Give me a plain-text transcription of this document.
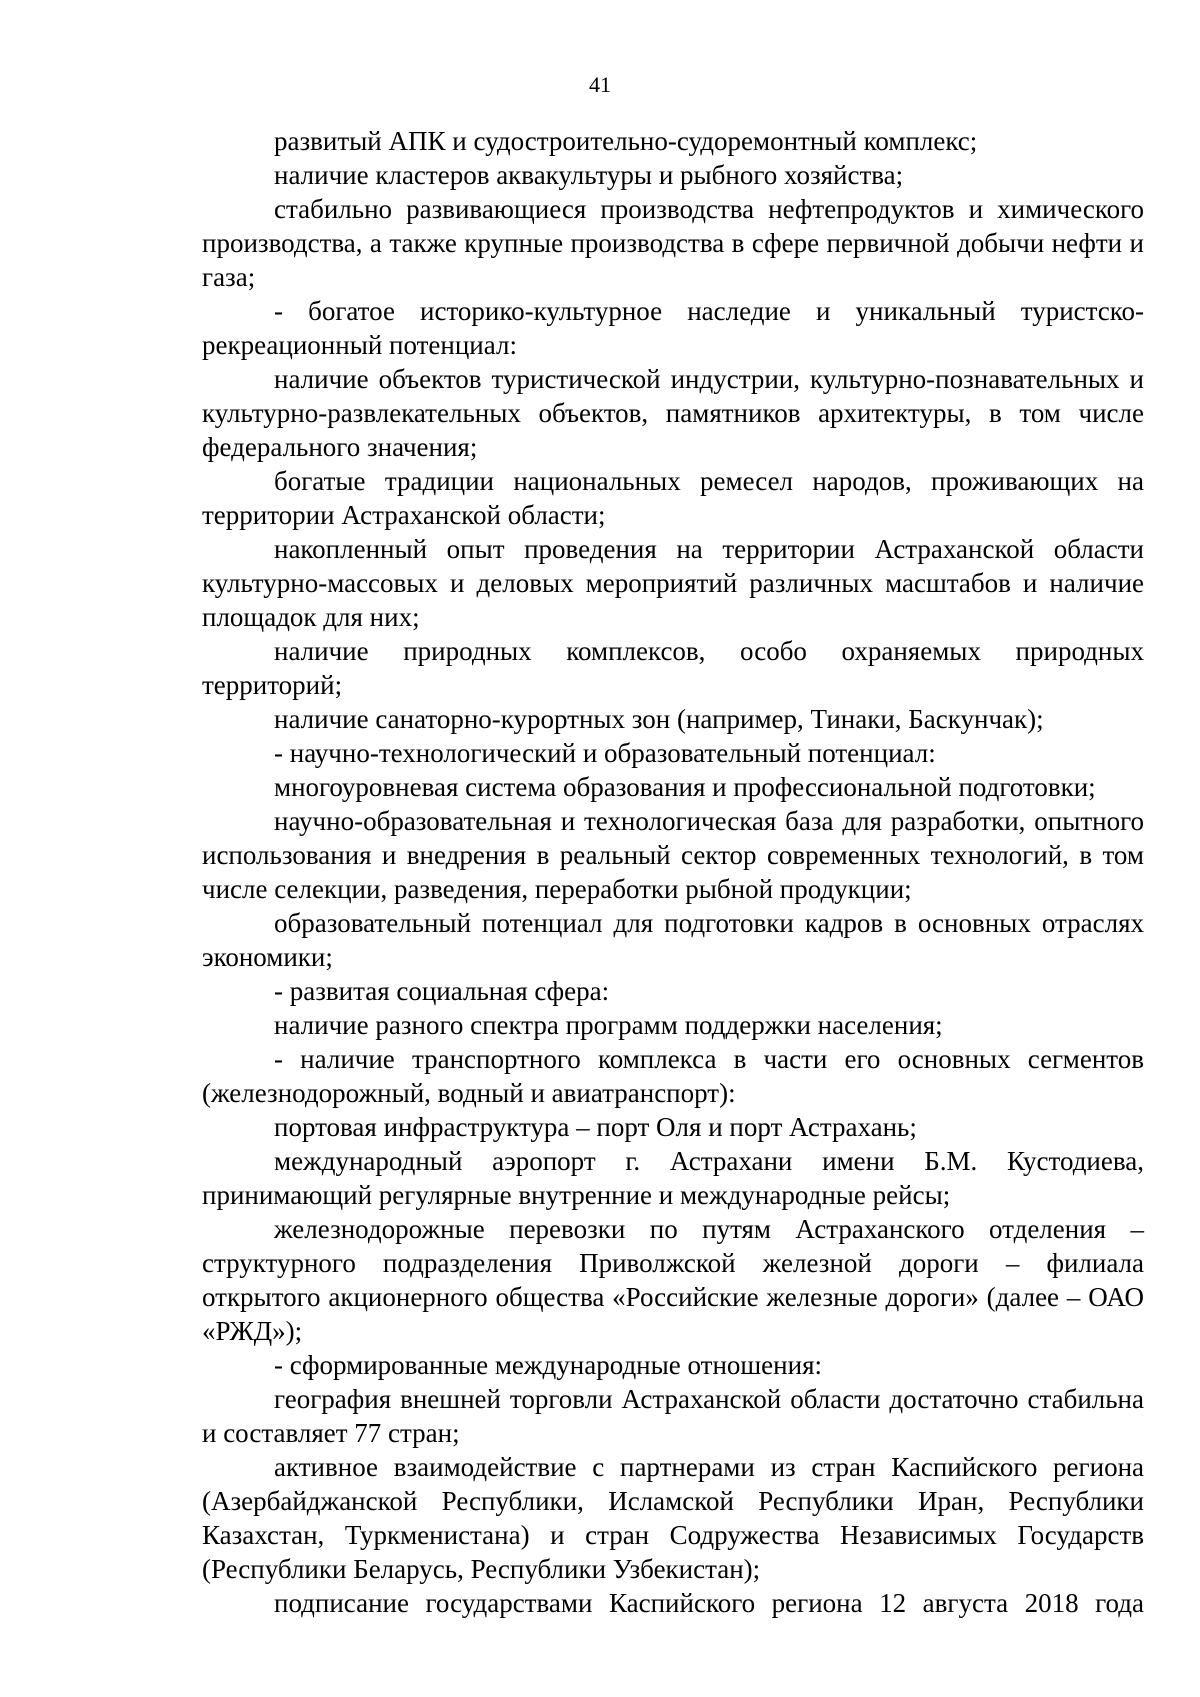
41

развитый АПК и судостроительно-судоремонтный комплекс;

наличие кластеров аквакультуры и рыбного хозяйства;

стабильно развивающиеся производства нефтепродуктов и химического производства, а также крупные производства в сфере первичной добычи нефти и газа;

- богатое историко-культурное наследие и уникальный туристско-рекреационный потенциал:

наличие объектов туристической индустрии, культурно-познавательных и культурно-развлекательных объектов, памятников архитектуры, в том числе федерального значения;

богатые традиции национальных ремесел народов, проживающих на территории Астраханской области;

накопленный опыт проведения на территории Астраханской области культурно-массовых и деловых мероприятий различных масштабов и наличие площадок для них;

наличие природных комплексов, особо охраняемых природных территорий;

наличие санаторно-курортных зон (например, Тинаки, Баскунчак);

- научно-технологический и образовательный потенциал:

многоуровневая система образования и профессиональной подготовки;

научно-образовательная и технологическая база для разработки, опытного использования и внедрения в реальный сектор современных технологий, в том числе селекции, разведения, переработки рыбной продукции;

образовательный потенциал для подготовки кадров в основных отраслях экономики;

- развитая социальная сфера:

наличие разного спектра программ поддержки населения;

- наличие транспортного комплекса в части его основных сегментов (железнодорожный, водный и авиатранспорт):

портовая инфраструктура – порт Оля и порт Астрахань;

международный аэропорт г. Астрахани имени Б.М. Кустодиева, принимающий регулярные внутренние и международные рейсы;

железнодорожные перевозки по путям Астраханского отделения – структурного подразделения Приволжской железной дороги – филиала открытого акционерного общества «Российские железные дороги» (далее – ОАО «РЖД»);

- сформированные международные отношения:

география внешней торговли Астраханской области достаточно стабильна и составляет 77 стран;

активное взаимодействие с партнерами из стран Каспийского региона (Азербайджанской Республики, Исламской Республики Иран, Республики Казахстан, Туркменистана) и стран Содружества Независимых Государств (Республики Беларусь, Республики Узбекистан);

подписание государствами Каспийского региона 12 августа 2018 года
